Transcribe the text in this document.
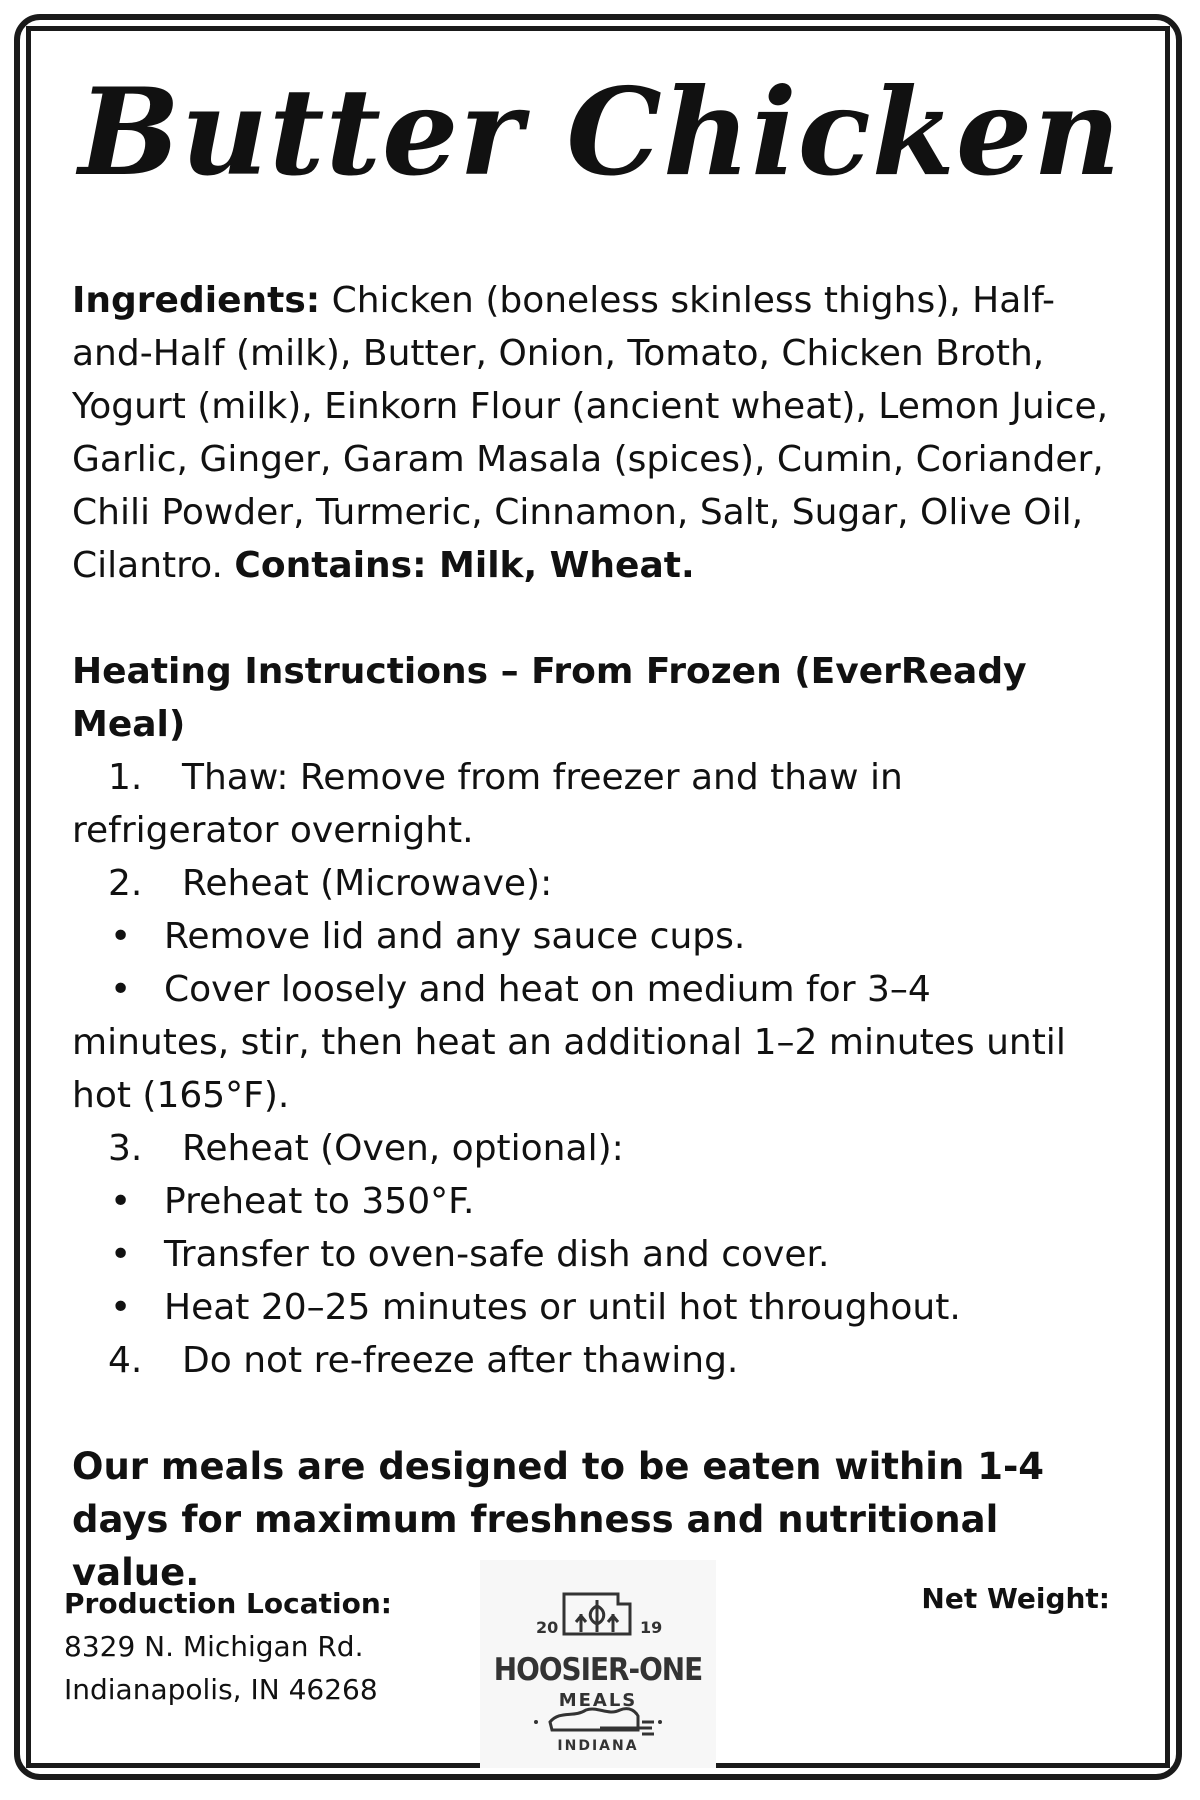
Butter Chicken

Ingredients: Chicken (boneless skinless thighs), Half-and-Half (milk), Butter, Onion, Tomato, Chicken Broth, Yogurt (milk), Einkorn Flour (ancient wheat), Lemon Juice, Garlic, Ginger, Garam Masala (spices), Cumin, Coriander, Chili Powder, Turmeric, Cinnamon, Salt, Sugar, Olive Oil, Cilantro. Contains: Milk, Wheat.

Heating Instructions – From Frozen (EverReady Meal)

1. Thaw: Remove from freezer and thaw in

refrigerator overnight.

2. Reheat (Microwave):

• Remove lid and any sauce cups.

• Cover loosely and heat on medium for 3–4

minutes, stir, then heat an additional 1–2 minutes until

hot (165°F).

3. Reheat (Oven, optional):

• Preheat to 350°F.

• Transfer to oven-safe dish and cover.

• Heat 20–25 minutes or until hot throughout.

4. Do not re-freeze after thawing.

Our meals are designed to be eaten within 1-4 days for maximum freshness and nutritional value.

Production Location:
8329 N. Michigan Rd.
Indianapolis, IN 46268
20	19
HOOSIER-ONE
MEALS
INDIANA
Net Weight:
